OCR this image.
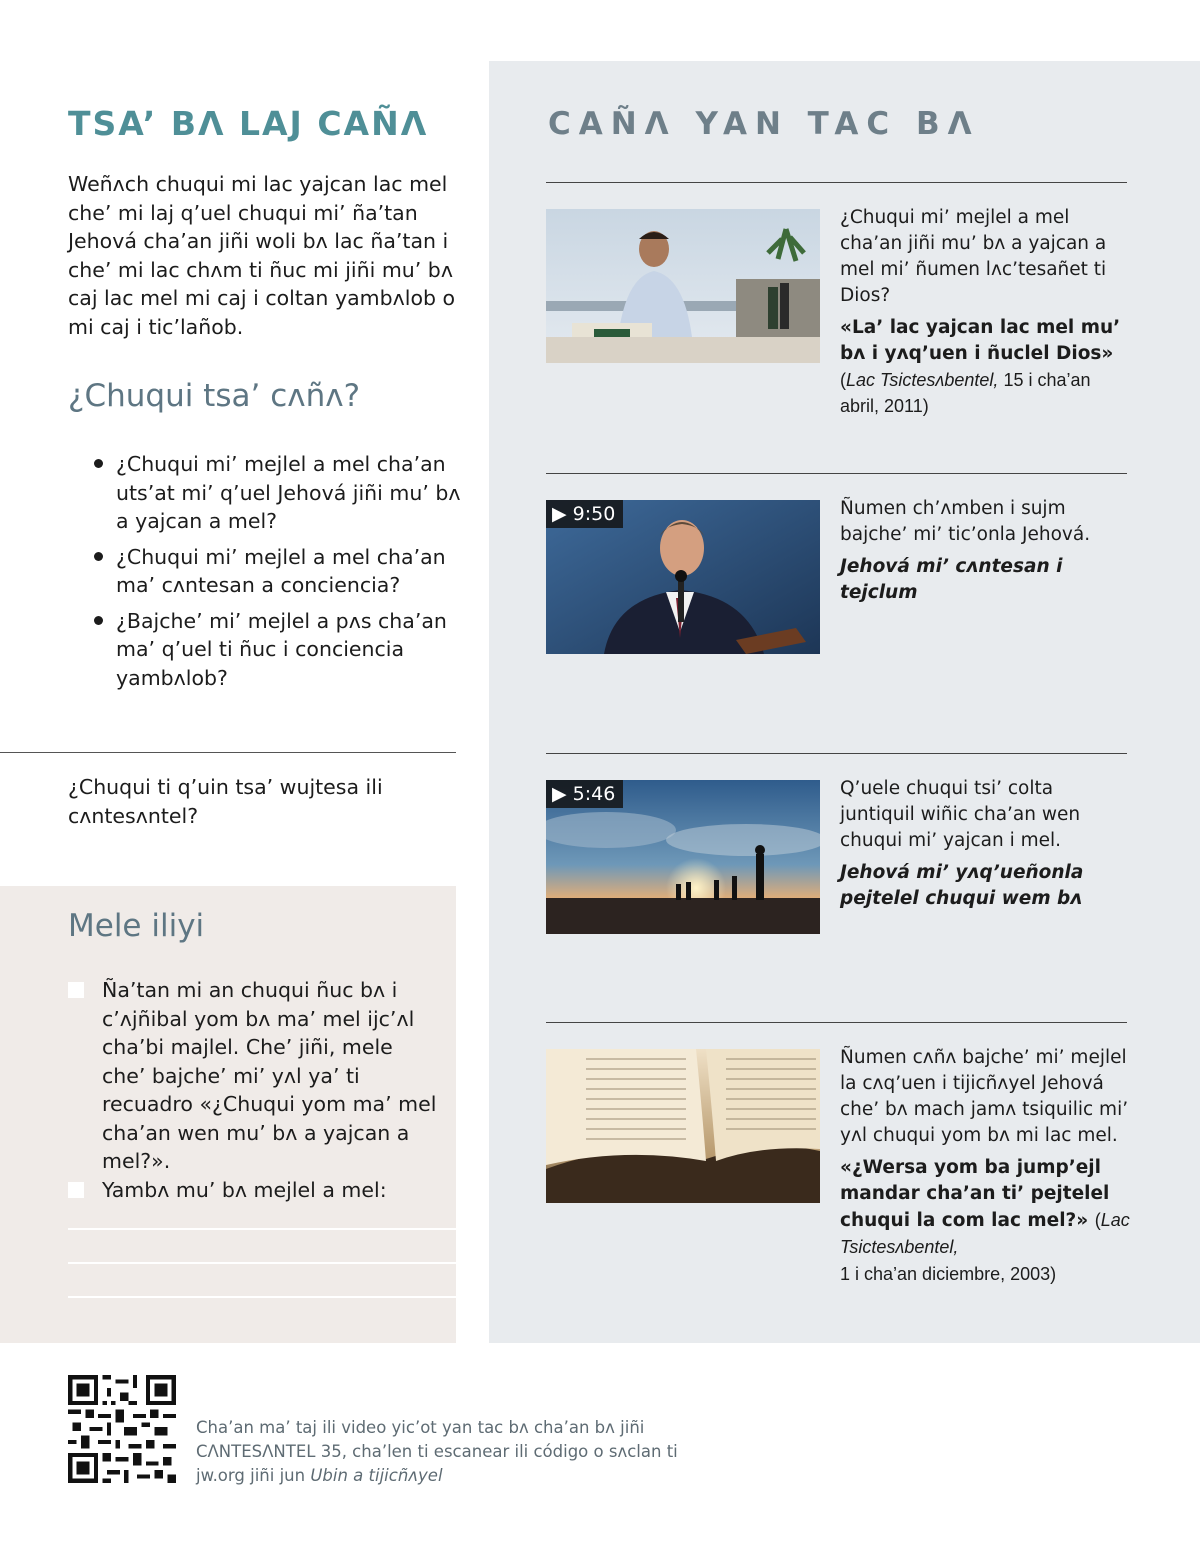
TSA’ BΛ LAJ CAÑΛ

Weñʌch chuqui mi lac yajcan lac mel che’ mi laj q’uel chuqui mi’ ña’tan Jehová cha’an jiñi woli bʌ lac ña’tan i che’ mi lac chʌm ti ñuc mi jiñi mu’ bʌ caj lac mel mi caj i coltan yambʌlob o mi caj i tic’lañob.

¿Chuqui tsa’ cʌñʌ?
¿Chuqui mi’ mejlel a mel cha’an uts’at mi’ q’uel Jehová jiñi mu’ bʌ a yajcan a mel?
¿Chuqui mi’ mejlel a mel cha’an ma’ cʌntesan a conciencia?
¿Bajche’ mi’ mejlel a pʌs cha’an ma’ q’uel ti ñuc i conciencia yambʌlob?

¿Chuqui ti q’uin tsa’ wujtesa ili cʌntesʌntel?

Mele iliyi
Ña’tan mi an chuqui ñuc bʌ i c’ʌjñibal yom bʌ ma’ mel ijc’ʌl cha’bi majlel. Che’ jiñi, mele che’ bajche’ mi’ yʌl ya’ ti recuadro «¿Chuqui yom ma’ mel cha’an wen mu’ bʌ a yajcan a mel?».
Yambʌ mu’ bʌ mejlel a mel:
CAÑΛ YAN TAC BΛ

¿Chuqui mi’ mejlel a mel cha’an jiñi mu’ bʌ a yajcan a mel mi’ ñumen lʌc’tesañet ti Dios?

«La’ lac yajcan lac mel mu’ bʌ i yʌq’uen i ñuclel Dios»

(Lac Tsictesʌbentel, 15 i cha’an abril, 2011)

▶ 9:50	Ñumen ch’ʌmben i sujm bajche’ mi’ tic’onla Jehová.

Jehová mi’ cʌntesan i tejclum

▶ 5:46	Q’uele chuqui tsi’ colta juntiquil wiñic cha’an wen chuqui mi’ yajcan i mel.

Jehová mi’ yʌq’ueñonla pejtelel chuqui wem bʌ

Ñumen cʌñʌ bajche’ mi’ mejlel la cʌq’uen i tijicñʌyel Jehová che’ bʌ mach jamʌ tsiquilic mi’ yʌl chuqui yom bʌ mi lac mel.

«¿Wersa yom ba jump’ejl mandar cha’an ti’ pejtelel chuqui la com lac mel?» (Lac Tsictesʌbentel,

1 i cha’an diciembre, 2003)

Cha’an ma’ taj ili video yic’ot yan tac bʌ cha’an bʌ jiñi CΛNTESΛNTEL 35, cha’len ti escanear ili código o sʌclan ti jw.org jiñi jun Ubin a tijicñʌyel
